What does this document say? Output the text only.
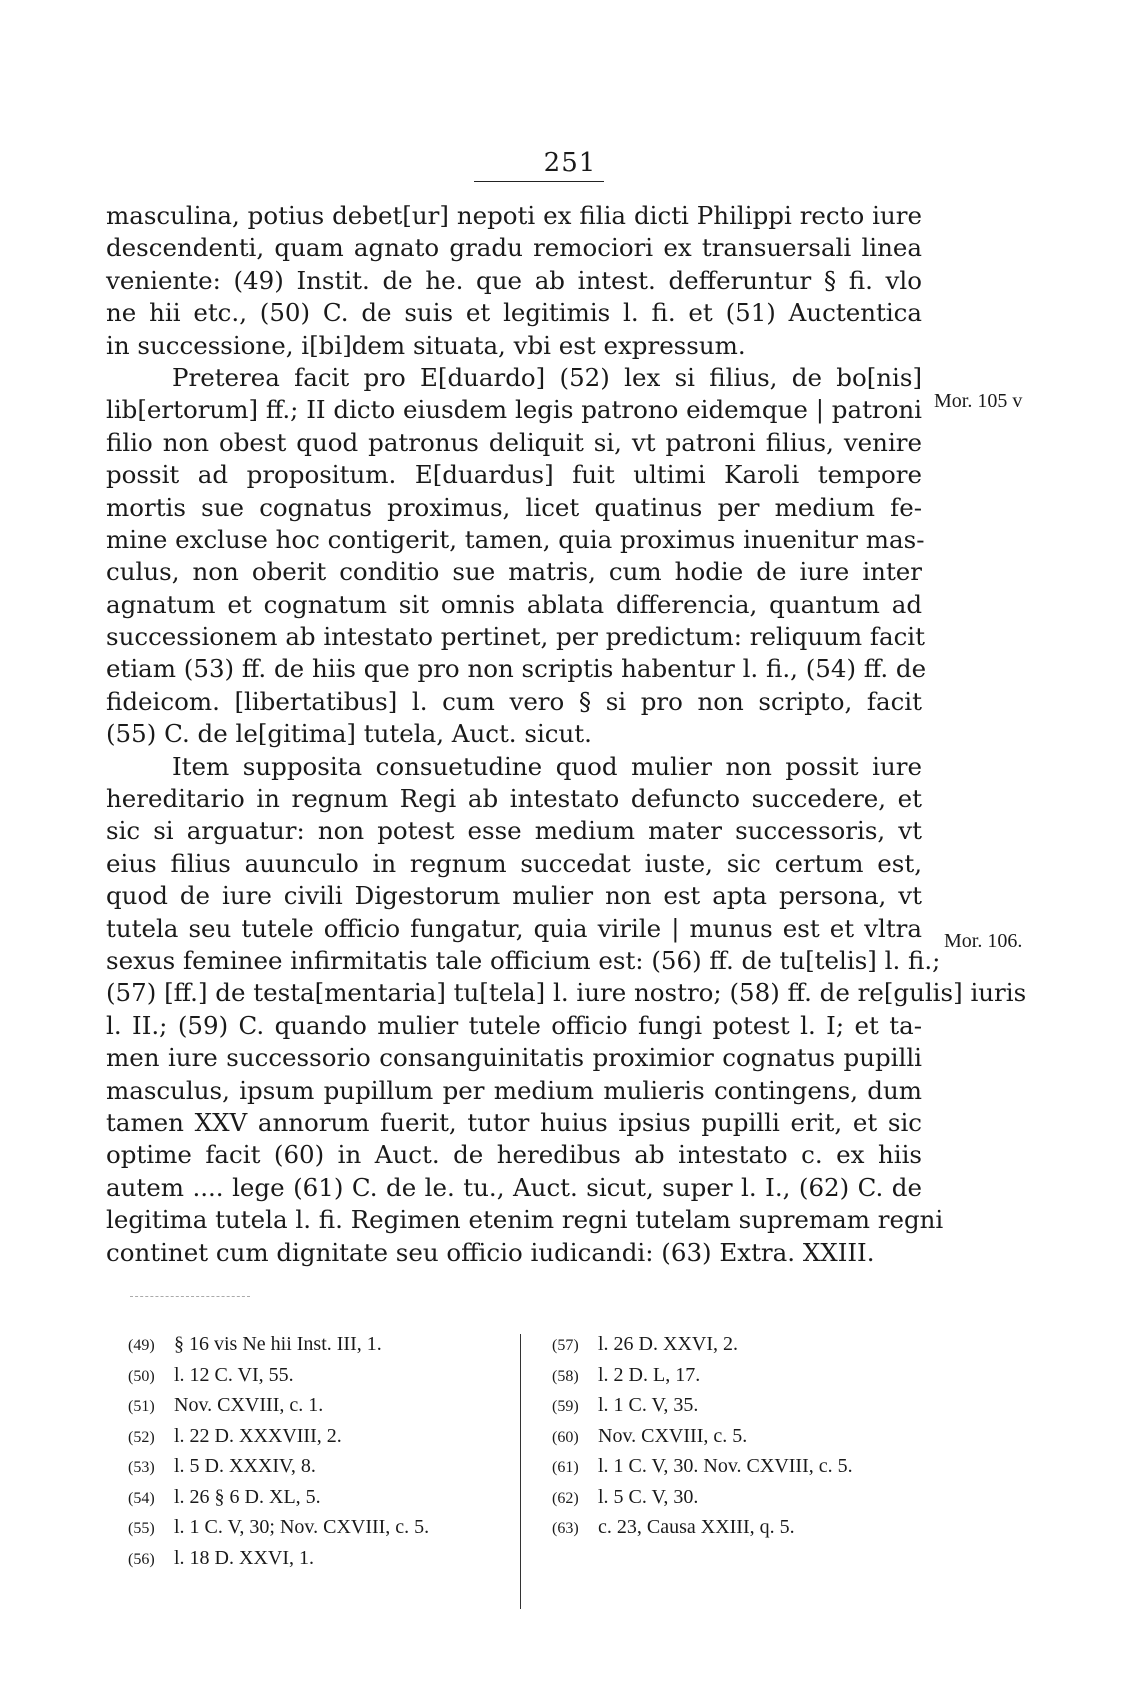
251
masculina, potius debet[ur] nepoti ex filia dicti Philippi recto iure
descendenti, quam agnato gradu remociori ex transuersali linea
veniente: (49) Instit. de he. que ab intest. defferuntur § fi. vlo
ne hii etc., (50) C. de suis et legitimis l. fi. et (51) Auctentica
in successione, i[bi]dem situata, vbi est expressum.
Preterea facit pro E[duardo] (52) lex si filius, de bo[nis]
lib[ertorum] ff.; II dicto eiusdem legis patrono eidemque | patroni
filio non obest quod patronus deliquit si, vt patroni filius, venire
possit ad propositum. E[duardus] fuit ultimi Karoli tempore
mortis sue cognatus proximus, licet quatinus per medium fe-
mine excluse hoc contigerit, tamen, quia proximus inuenitur mas-
culus, non oberit conditio sue matris, cum hodie de iure inter
agnatum et cognatum sit omnis ablata differencia, quantum ad
successionem ab intestato pertinet, per predictum: reliquum facit
etiam (53) ff. de hiis que pro non scriptis habentur l. fi., (54) ff. de
fideicom. [libertatibus] l. cum vero § si pro non scripto, facit
(55) C. de le[gitima] tutela, Auct. sicut.
Item supposita consuetudine quod mulier non possit iure
hereditario in regnum Regi ab intestato defuncto succedere, et
sic si arguatur: non potest esse medium mater successoris, vt
eius filius auunculo in regnum succedat iuste, sic certum est,
quod de iure civili Digestorum mulier non est apta persona, vt
tutela seu tutele officio fungatur, quia virile | munus est et vltra
sexus feminee infirmitatis tale officium est: (56) ff. de tu[telis] l. fi.;
(57) [ff.] de testa[mentaria] tu[tela] l. iure nostro; (58) ff. de re[gulis] iuris
l. II.; (59) C. quando mulier tutele officio fungi potest l. I; et ta-
men iure successorio consanguinitatis proximior cognatus pupilli
masculus, ipsum pupillum per medium mulieris contingens, dum
tamen XXV annorum fuerit, tutor huius ipsius pupilli erit, et sic
optime facit (60) in Auct. de heredibus ab intestato c. ex hiis
autem .... lege (61) C. de le. tu., Auct. sicut, super l. I., (62) C. de
legitima tutela l. fi. Regimen etenim regni tutelam supremam regni
continet cum dignitate seu officio iudicandi: (63) Extra. XXIII.
Mor. 105 v
Mor. 106.
(49) § 16 vis Ne hii Inst. III, 1.
(50) l. 12 C. VI, 55.
(51) Nov. CXVIII, c. 1.
(52) l. 22 D. XXXVIII, 2.
(53) l. 5 D. XXXIV, 8.
(54) l. 26 § 6 D. XL, 5.
(55) l. 1 C. V, 30; Nov. CXVIII, c. 5.
(56) l. 18 D. XXVI, 1.
(57) l. 26 D. XXVI, 2.
(58) l. 2 D. L, 17.
(59) l. 1 C. V, 35.
(60) Nov. CXVIII, c. 5.
(61) l. 1 C. V, 30. Nov. CXVIII, c. 5.
(62) l. 5 C. V, 30.
(63) c. 23, Causa XXIII, q. 5.
